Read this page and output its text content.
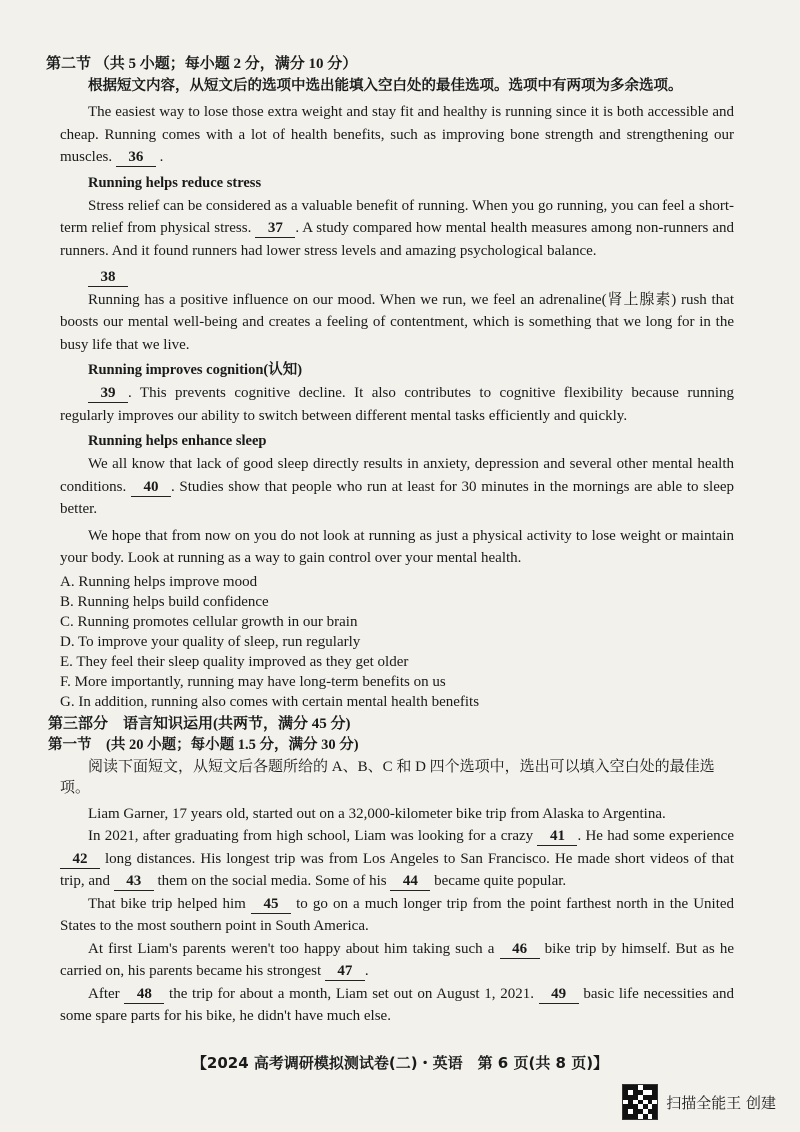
第二节 （共 5 小题；每小题 2 分，满分 10 分）
根据短文内容，从短文后的选项中选出能填入空白处的最佳选项。选项中有两项为多余选项。

The easiest way to lose those extra weight and stay fit and healthy is running since it is both accessible and cheap. Running comes with a lot of health benefits, such as improving bone strength and strengthening our muscles. 36 .

Running helps reduce stress

Stress relief can be considered as a valuable benefit of running. When you go running, you can feel a short-term relief from physical stress. 37 . A study compared how mental health measures among non-runners and runners. And it found runners had lower stress levels and amazing psychological balance.

38

Running has a positive influence on our mood. When we run, we feel an adrenaline(肾上腺素) rush that boosts our mental well-being and creates a feeling of contentment, which is something that we long for in the busy life that we live.

Running improves cognition(认知)

39 . This prevents cognitive decline. It also contributes to cognitive flexibility because running regularly improves our ability to switch between different mental tasks efficiently and quickly.

Running helps enhance sleep

We all know that lack of good sleep directly results in anxiety, depression and several other mental health conditions. 40 . Studies show that people who run at least for 30 minutes in the mornings are able to sleep better.

We hope that from now on you do not look at running as just a physical activity to lose weight or maintain your body. Look at running as a way to gain control over your mental health.

A. Running helps improve mood

B. Running helps build confidence

C. Running promotes cellular growth in our brain

D. To improve your quality of sleep, run regularly

E. They feel their sleep quality improved as they get older

F. More importantly, running may have long-term benefits on us

G. In addition, running also comes with certain mental health benefits

第三部分　语言知识运用(共两节，满分 45 分)
第一节　(共 20 小题；每小题 1.5 分，满分 30 分)
阅读下面短文，从短文后各题所给的 A、B、C 和 D 四个选项中，选出可以填入空白处的最佳选项。

Liam Garner, 17 years old, started out on a 32,000-kilometer bike trip from Alaska to Argentina.

In 2021, after graduating from high school, Liam was looking for a crazy 41 . He had some experience 42 long distances. His longest trip was from Los Angeles to San Francisco. He made short videos of that trip, and 43 them on the social media. Some of his 44 became quite popular.

That bike trip helped him 45 to go on a much longer trip from the point farthest north in the United States to the most southern point in South America.

At first Liam's parents weren't too happy about him taking such a 46 bike trip by himself. But as he carried on, his parents became his strongest 47 .

After 48 the trip for about a month, Liam set out on August 1, 2021. 49 basic life necessities and some spare parts for his bike, he didn't have much else.

【2024 高考调研模拟测试卷(二)・英语　第 6 页(共 8 页)】
扫描全能王 创建
